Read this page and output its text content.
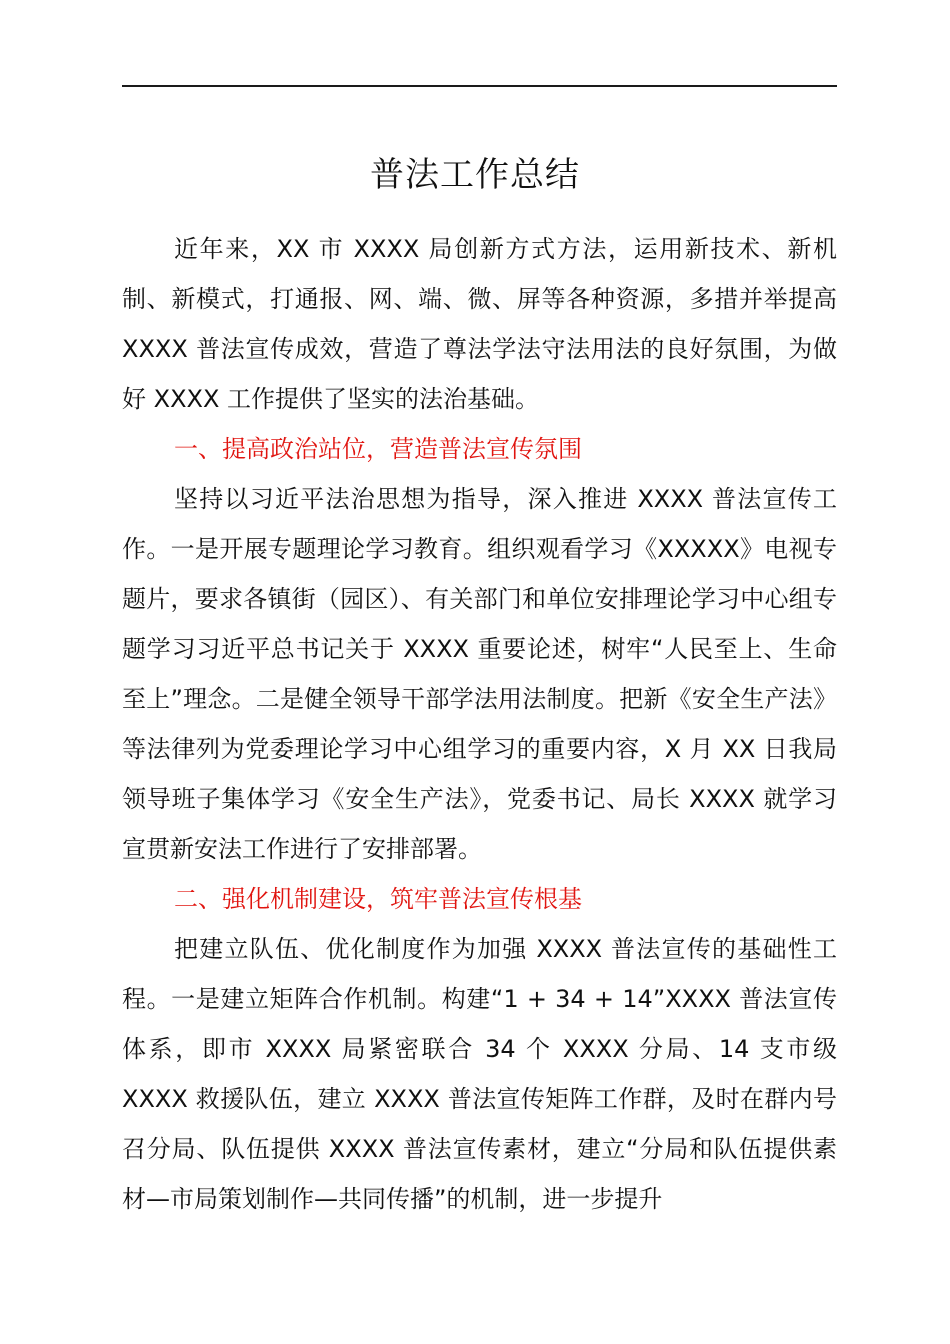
普法工作总结

近年来，XX 市 XXXX 局创新方式方法，运用新技术、新机制、新模式，打通报、网、端、微、屏等各种资源，多措并举提高 XXXX 普法宣传成效，营造了尊法学法守法用法的良好氛围，为做好 XXXX 工作提供了坚实的法治基础。

一、提高政治站位，营造普法宣传氛围

坚持以习近平法治思想为指导，深入推进 XXXX 普法宣传工作。一是开展专题理论学习教育。组织观看学习《XXXXX》电视专题片，要求各镇街（园区）、有关部门和单位安排理论学习中心组专题学习习近平总书记关于 XXXX 重要论述，树牢“人民至上、生命至上”理念。二是健全领导干部学法用法制度。把新《安全生产法》等法律列为党委理论学习中心组学习的重要内容，X 月 XX 日我局领导班子集体学习《安全生产法》，党委书记、局长 XXXX 就学习宣贯新安法工作进行了安排部署。

二、强化机制建设，筑牢普法宣传根基

把建立队伍、优化制度作为加强 XXXX 普法宣传的基础性工程。一是建立矩阵合作机制。构建“1 + 34 + 14”XXXX 普法宣传体系，即市 XXXX 局紧密联合 34 个 XXXX 分局、14 支市级 XXXX 救援队伍，建立 XXXX 普法宣传矩阵工作群，及时在群内号召分局、队伍提供 XXXX 普法宣传素材，建立“分局和队伍提供素材—市局策划制作—共同传播”的机制，进一步提升
